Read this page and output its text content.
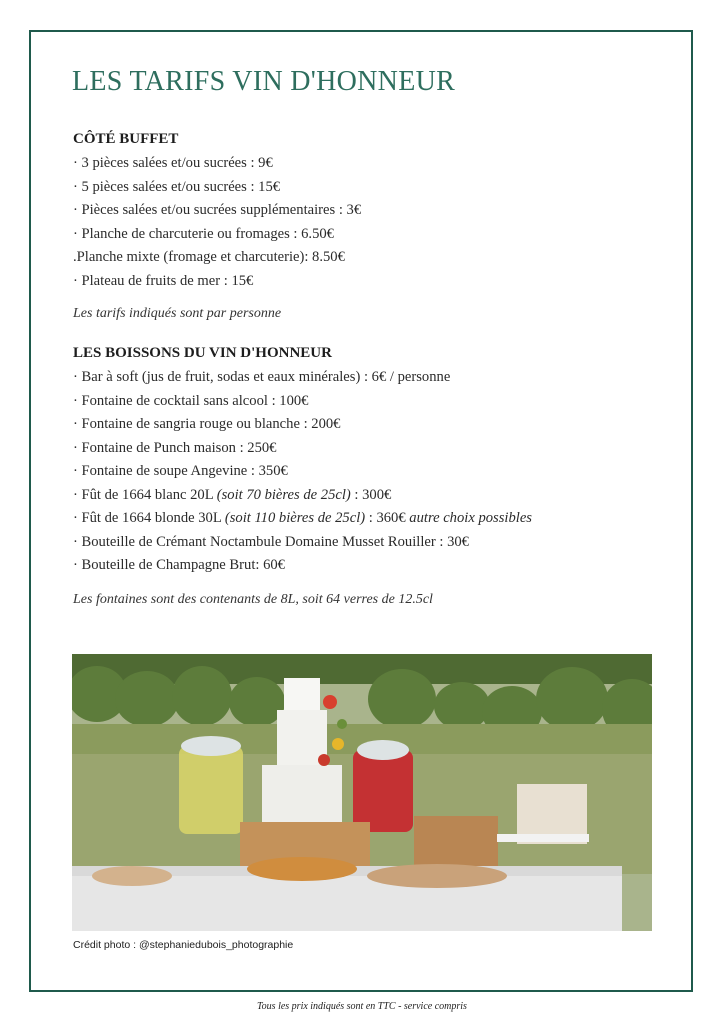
LES TARIFS VIN D'HONNEUR
CÔTÉ BUFFET
· 3 pièces salées et/ou sucrées : 9€
· 5 pièces salées et/ou sucrées : 15€
· Pièces salées et/ou sucrées supplémentaires : 3€
· Planche de charcuterie ou fromages : 6.50€
.Planche mixte (fromage et charcuterie): 8.50€
· Plateau de fruits de mer : 15€

Les tarifs indiqués sont par personne

LES BOISSONS DU VIN D'HONNEUR
· Bar à soft (jus de fruit, sodas et eaux minérales) : 6€ / personne
· Fontaine de cocktail sans alcool : 100€
· Fontaine de sangria rouge ou blanche : 200€
· Fontaine de Punch maison : 250€
· Fontaine de soupe Angevine : 350€
· Fût de 1664 blanc 20L (soit 70 bières de 25cl) : 300€
· Fût de 1664 blonde 30L (soit 110 bières de 25cl) : 360€ autre choix possibles
· Bouteille de Crémant Noctambule Domaine Musset Rouiller : 30€
· Bouteille de Champagne Brut: 60€

Les fontaines sont des contenants de 8L, soit 64 verres de 12.5cl

Crédit photo : @stephaniedubois_photographie

Tous les prix indiqués sont en TTC - service compris
